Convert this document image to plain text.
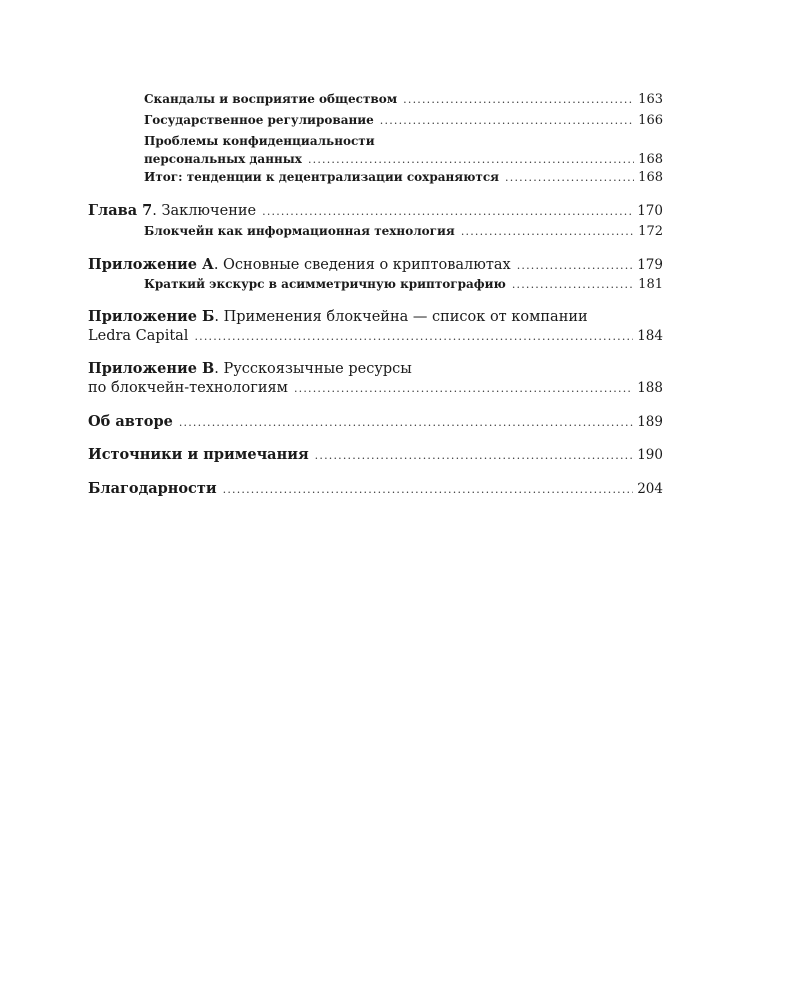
Скандалы и восприятие обществом .....	163
Государственное регулирование .....	166
Проблемы конфиденциальности
персональных данных .....	168
Итог: тенденции к децентрализации сохраняются .....	168
Глава 7. Заключение .....	170
Блокчейн как информационная технология .....	172
Приложение А. Основные сведения о криптовалютах .....	179
Краткий экскурс в асимметричную криптографию .....	181
Приложение Б. Применения блокчейна — список от компании
Ledra Capital .....	184
Приложение В. Русскоязычные ресурсы
по блокчейн-технологиям .....	188
Об авторе .....	189
Источники и примечания .....	190
Благодарности .....	204
